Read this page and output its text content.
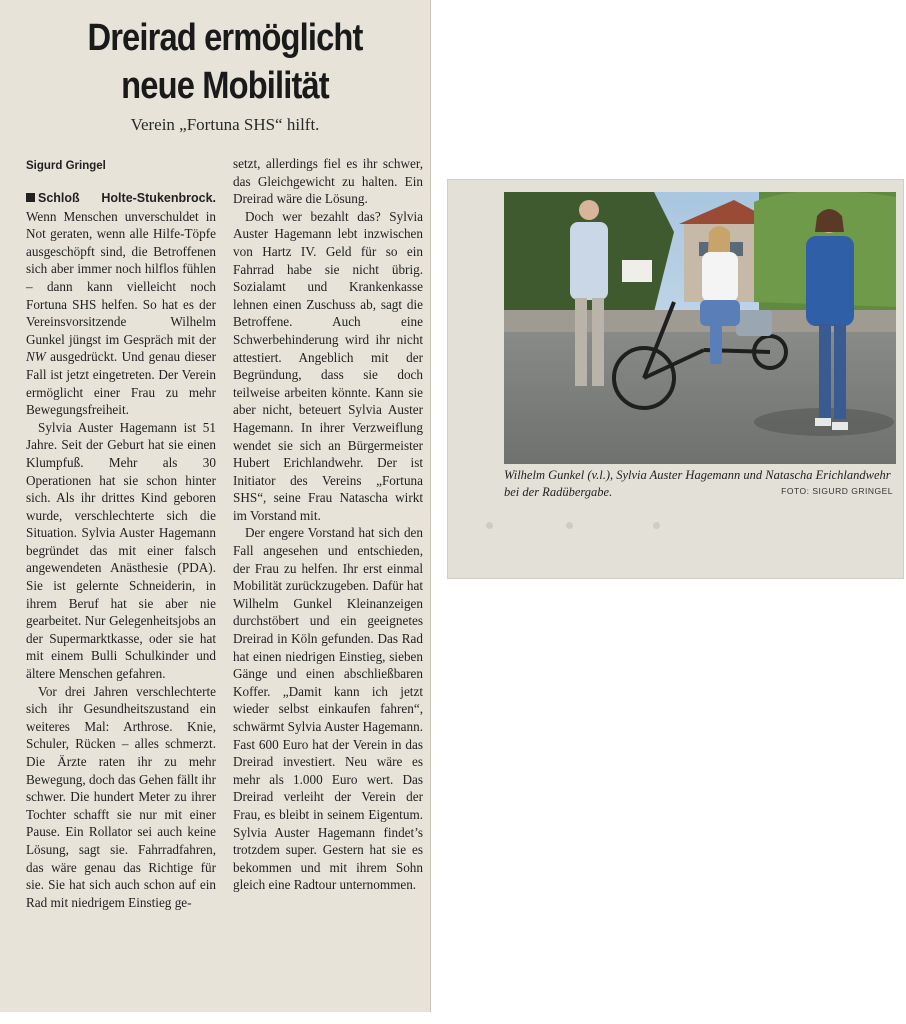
Dreirad ermöglicht
neue Mobilität
Verein „Fortuna SHS“ hilft.
Sigurd Gringel

Schloß Holte-Stukenbrock. Wenn Menschen unverschuldet in Not geraten, wenn alle Hilfe-Töpfe ausgeschöpft sind, die Betroffenen sich aber immer noch hilflos fühlen – dann kann vielleicht noch Fortuna SHS helfen. So hat es der Vereinsvorsitzende Wilhelm Gunkel jüngst im Gespräch mit der NW ausgedrückt. Und genau dieser Fall ist jetzt eingetreten. Der Verein ermöglicht einer Frau zu mehr Bewegungsfreiheit.

Sylvia Auster Hagemann ist 51 Jahre. Seit der Geburt hat sie einen Klumpfuß. Mehr als 30 Operationen hat sie schon hinter sich. Als ihr drittes Kind geboren wurde, verschlechterte sich die Situation. Sylvia Auster Hagemann begründet das mit einer falsch angewendeten Anästhesie (PDA). Sie ist gelernte Schneiderin, in ihrem Beruf hat sie aber nie gearbeitet. Nur Gelegenheitsjobs an der Supermarktkasse, oder sie hat mit einem Bulli Schulkinder und ältere Menschen gefahren.

Vor drei Jahren verschlechterte sich ihr Gesundheitszustand ein weiteres Mal: Arthrose. Knie, Schuler, Rücken – alles schmerzt. Die Ärzte raten ihr zu mehr Bewegung, doch das Gehen fällt ihr schwer. Die hundert Meter zu ihrer Tochter schafft sie nur mit einer Pause. Ein Rollator sei auch keine Lösung, sagt sie. Fahrradfahren, das wäre genau das Richtige für sie. Sie hat sich auch schon auf ein Rad mit niedrigem Einstieg ge-

setzt, allerdings fiel es ihr schwer, das Gleichgewicht zu halten. Ein Dreirad wäre die Lösung.

Doch wer bezahlt das? Sylvia Auster Hagemann lebt inzwischen von Hartz IV. Geld für so ein Fahrrad habe sie nicht übrig. Sozialamt und Krankenkasse lehnen einen Zuschuss ab, sagt die Betroffene. Auch eine Schwerbehinderung wird ihr nicht attestiert. Angeblich mit der Begründung, dass sie doch teilweise arbeiten könnte. Kann sie aber nicht, beteuert Sylvia Auster Hagemann. In ihrer Verzweiflung wendet sie sich an Bürgermeister Hubert Erichlandwehr. Der ist Initiator des Vereins „Fortuna SHS“, seine Frau Natascha wirkt im Vorstand mit.

Der engere Vorstand hat sich den Fall angesehen und entschieden, der Frau zu helfen. Ihr erst einmal Mobilität zurückzugeben. Dafür hat Wilhelm Gunkel Kleinanzeigen durchstöbert und ein geeignetes Dreirad in Köln gefunden. Das Rad hat einen niedrigen Einstieg, sieben Gänge und einen abschließbaren Koffer. „Damit kann ich jetzt wieder selbst einkaufen fahren“, schwärmt Sylvia Auster Hagemann. Fast 600 Euro hat der Verein in das Dreirad investiert. Neu wäre es mehr als 1.000 Euro wert. Das Dreirad verleiht der Verein der Frau, es bleibt in seinem Eigentum. Sylvia Auster Hagemann findet’s trotzdem super. Gestern hat sie es bekommen und mit ihrem Sohn gleich eine Radtour unternommen.

Wilhelm Gunkel (v.l.), Sylvia Auster Hagemann und Natascha Erichlandwehr bei der Radübergabe.	FOTO: SIGURD GRINGEL
